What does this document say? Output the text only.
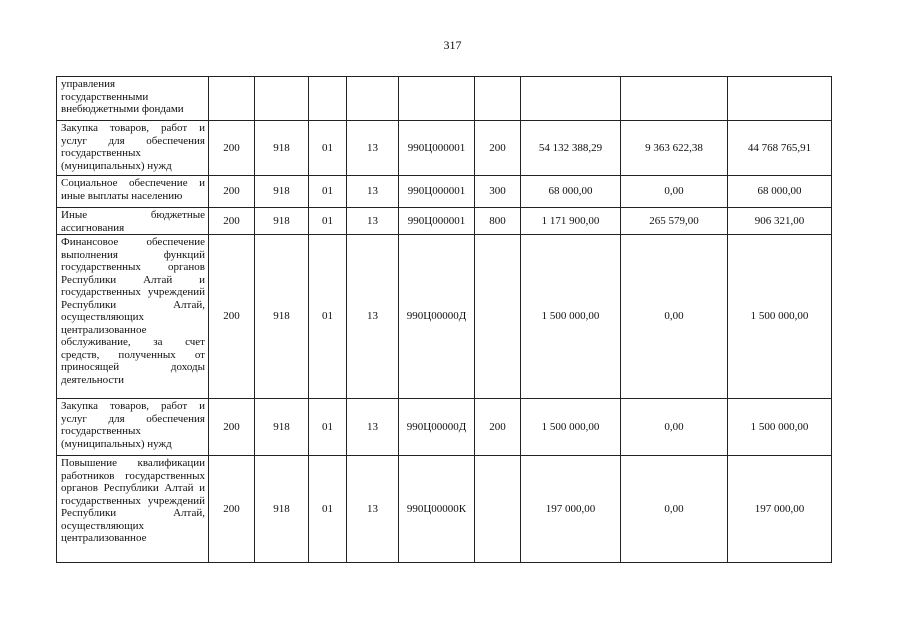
317
управления государственными внебюджетными фондами									
Закупка товаров, работ и услуг для обеспечения государственных (муниципальных) нужд	200	918	01	13	990Ц000001	200	54 132 388,29	9 363 622,38	44 768 765,91
Социальное обеспечение и иные выплаты населению	200	918	01	13	990Ц000001	300	68 000,00	0,00	68 000,00
Иные бюджетные ассигнования	200	918	01	13	990Ц000001	800	1 171 900,00	265 579,00	906 321,00
Финансовое обеспечение выполнения функций государственных органов Республики Алтай и государственных учреждений Республики Алтай, осуществляющих централизованное обслуживание, за счет средств, полученных от приносящей доходы деятельности	200	918	01	13	990Ц00000Д		1 500 000,00	0,00	1 500 000,00
Закупка товаров, работ и услуг для обеспечения государственных (муниципальных) нужд	200	918	01	13	990Ц00000Д	200	1 500 000,00	0,00	1 500 000,00
Повышение квалификации работников государственных органов Республики Алтай и государственных учреждений Республики Алтай, осуществляющих централизованное	200	918	01	13	990Ц00000К		197 000,00	0,00	197 000,00
